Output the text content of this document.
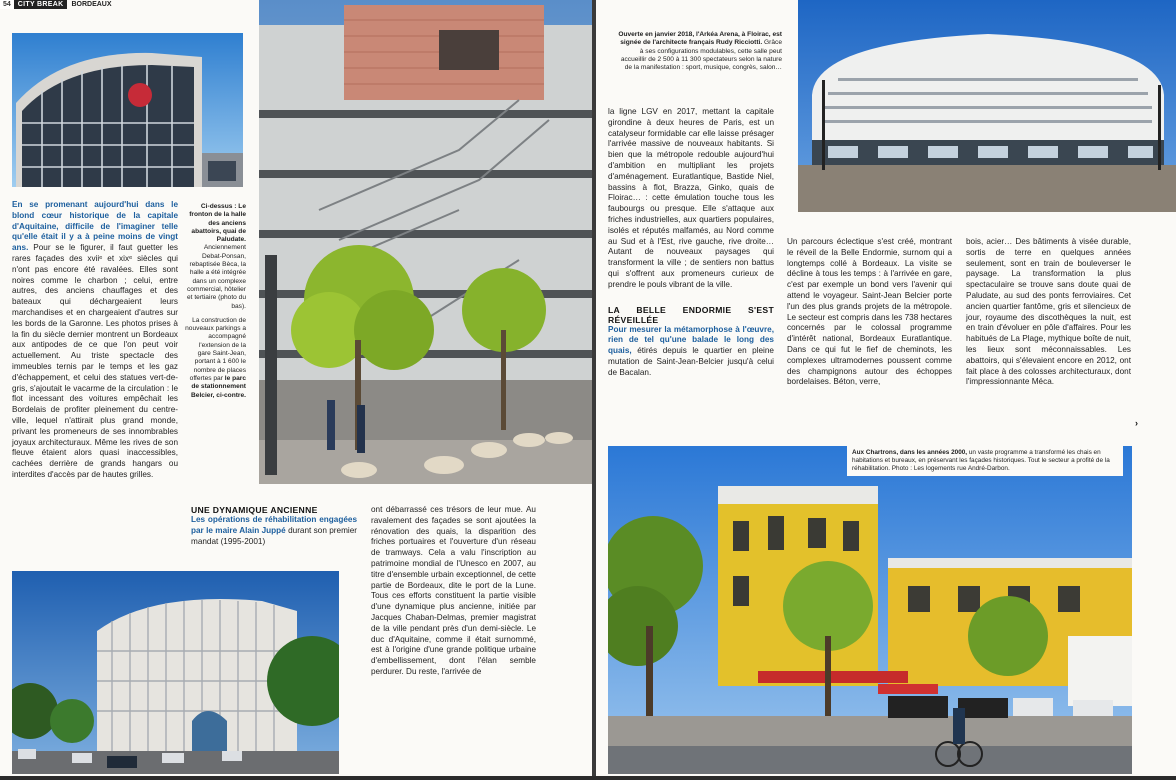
54	CITY BREAK	BORDEAUX
En se promenant aujourd'hui dans le blond cœur historique de la capitale d'Aquitaine, difficile de l'imaginer telle qu'elle était il y a à peine moins de vingt ans. Pour se le figurer, il faut guetter les rares façades des xviiᵉ et xixᵉ siècles qui n'ont pas encore été ravalées. Elles sont noires comme le charbon ; celui, entre autres, des anciens chauffages et des bateaux qui déchargeaient leurs marchandises et en chargeaient d'autres sur les bords de la Garonne. Les photos prises à la fin du siècle dernier montrent un Bordeaux aux antipodes de ce que l'on peut voir actuellement. Au triste spectacle des immeubles ternis par le temps et les gaz d'échappement, et celui des statues vert-de-gris, s'ajoutait le vacarme de la circulation : le flot incessant des voitures empêchait les Bordelais de profiter pleinement du centre-ville, lequel n'attirait plus grand monde, privant les promeneurs de ses innombrables joyaux architecturaux. Même les rives de son fleuve étaient alors quasi inaccessibles, cachées derrière de grands hangars ou interdites d'accès par de hautes grilles.
Ci-dessus : Le fronton de la halle des anciens abattoirs, quai de Paludate. Anciennement Debat-Ponsan, rebaptisée Bèca, la halle a été intégrée dans un complexe commercial, hôtelier et tertiaire (photo du bas).
La construction de nouveaux parkings a accompagné l'extension de la gare Saint-Jean, portant à 1 600 le nombre de places offertes par le parc de stationnement Belcier, ci-contre.
UNE DYNAMIQUE ANCIENNE
Les opérations de réhabilitation engagées par le maire Alain Juppé durant son premier mandat (1995-2001)
ont débarrassé ces trésors de leur mue. Au ravalement des façades se sont ajoutées la rénovation des quais, la disparition des friches portuaires et l'ouverture d'un réseau de tramways. Cela a valu l'inscription au patrimoine mondial de l'Unesco en 2007, au titre d'ensemble urbain exceptionnel, de cette partie de Bordeaux, dite le port de la Lune. Tous ces efforts constituent la partie visible d'une dynamique plus ancienne, initiée par Jacques Chaban-Delmas, premier magistrat de la ville pendant près d'un demi-siècle. Le duc d'Aquitaine, comme il était surnommé, est à l'origine d'une grande politique urbaine d'embellissement, dont l'élan semble perdurer. Du reste, l'arrivée de
Ouverte en janvier 2018, l'Arkéa Arena, à Floirac, est signée de l'architecte français Rudy Ricciotti. Grâce à ses configurations modulables, cette salle peut accueillir de 2 500 à 11 300 spectateurs selon la nature de la manifestation : sport, musique, congrès, salon…
la ligne LGV en 2017, mettant la capitale girondine à deux heures de Paris, est un catalyseur formidable car elle laisse présager l'arrivée massive de nouveaux habitants. Si bien que la métropole redouble aujourd'hui d'ambition en multipliant les projets d'aménagement. Euratlantique, Bastide Niel, bassins à flot, Brazza, Ginko, quais de Floirac… : cette émulation touche tous les faubourgs ou presque. Elle s'attaque aux friches industrielles, aux quartiers populaires, isolés et réputés malfamés, au Nord comme au Sud et à l'Est, rive gauche, rive droite… Autant de nouveaux paysages qui transforment la ville ; de sentiers non battus qui s'offrent aux promeneurs curieux de prendre le pouls vibrant de la ville.
LA BELLE ENDORMIE S'EST RÉVEILLÉE
Pour mesurer la métamorphose à l'œuvre, rien de tel qu'une balade le long des quais, étirés depuis le quartier en pleine mutation de Saint-Jean-Belcier jusqu'à celui de Bacalan.
Un parcours éclectique s'est créé, montrant le réveil de la Belle Endormie, surnom qui a longtemps collé à Bordeaux. La visite se décline à tous les temps : à l'arrivée en gare, c'est par exemple un bond vers l'avenir qui attend le voyageur. Saint-Jean Belcier porte l'un des plus grands projets de la métropole. Le secteur est compris dans les 738 hectares concernés par le colossal programme d'intérêt national, Bordeaux Euratlantique. Dans ce qui fut le fief de cheminots, les complexes ultramodernes poussent comme des champignons autour des échoppes bordelaises. Béton, verre,
bois, acier… Des bâtiments à visée durable, sortis de terre en quelques années seulement, sont en train de bouleverser le paysage. La transformation la plus spectaculaire se trouve sans doute quai de Paludate, au sud des ponts ferroviaires. Cet ancien quartier fantôme, gris et silencieux de jour, royaume des discothèques la nuit, est en train d'évoluer en pôle d'affaires. Pour les habitués de La Plage, mythique boîte de nuit, les lieux sont méconnaissables. Les abattoirs, qui s'élevaient encore en 2012, ont fait place à des colosses architecturaux, dont l'impressionnante Méca.
›
Aux Chartrons, dans les années 2000, un vaste programme a transformé les chais en habitations et bureaux, en préservant les façades historiques. Tout le secteur a profité de la réhabilitation. Photo : Les logements rue André-Darbon.
